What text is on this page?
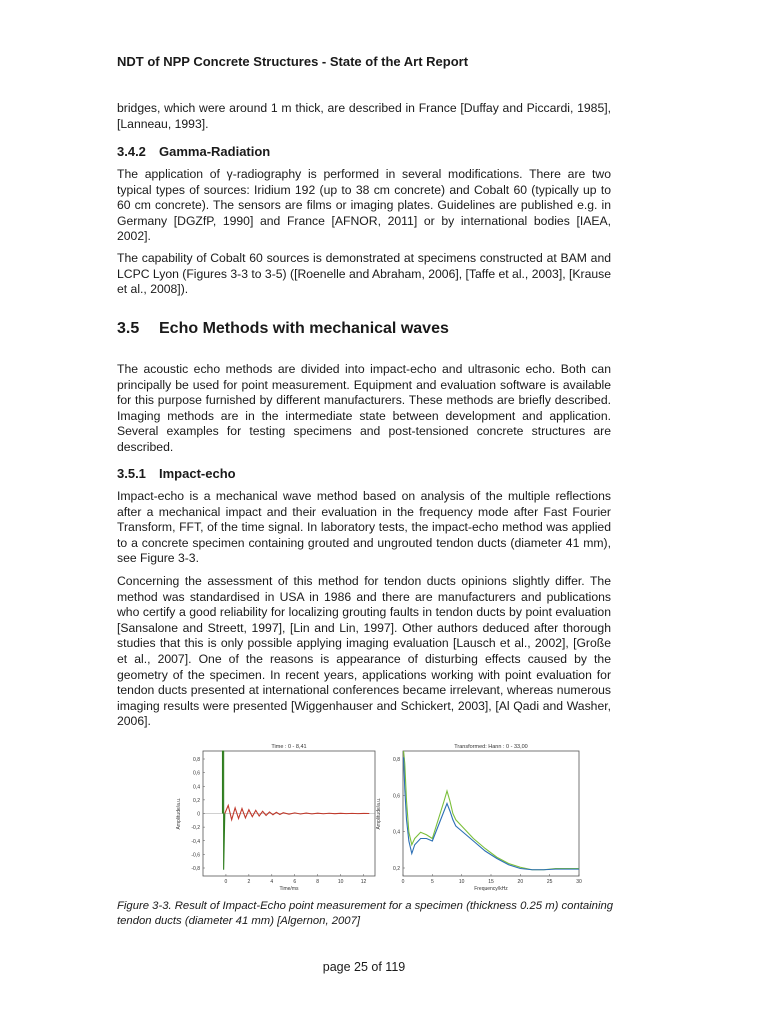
NDT of NPP Concrete Structures - State of the Art Report

bridges, which were around 1 m thick, are described in France [Duffay and Piccardi, 1985], [Lanneau, 1993].

3.4.2 Gamma-Radiation

The application of γ-radiography is performed in several modifications. There are two typical types of sources: Iridium 192 (up to 38 cm concrete) and Cobalt 60 (typically up to 60 cm concrete). The sensors are films or imaging plates. Guidelines are published e.g. in Germany [DGZfP, 1990] and France [AFNOR, 2011] or by international bodies [IAEA, 2002].

The capability of Cobalt 60 sources is demonstrated at specimens constructed at BAM and LCPC Lyon (Figures 3-3 to 3-5) ([Roenelle and Abraham, 2006], [Taffe et al., 2003], [Krause et al., 2008]).

3.5 Echo Methods with mechanical waves

The acoustic echo methods are divided into impact-echo and ultrasonic echo. Both can principally be used for point measurement. Equipment and evaluation software is available for this purpose furnished by different manufacturers. These methods are briefly described. Imaging methods are in the intermediate state between development and application. Several examples for testing specimens and post-tensioned concrete structures are described.

3.5.1 Impact-echo

Impact-echo is a mechanical wave method based on analysis of the multiple reflections after a mechanical impact and their evaluation in the frequency mode after Fast Fourier Transform, FFT, of the time signal. In laboratory tests, the impact-echo method was applied to a concrete specimen containing grouted and ungrouted tendon ducts (diameter 41 mm), see Figure 3-3.

Concerning the assessment of this method for tendon ducts opinions slightly differ. The method was standardised in USA in 1986 and there are manufacturers and publications who certify a good reliability for localizing grouting faults in tendon ducts by point evaluation [Sansalone and Streett, 1997], [Lin and Lin, 1997]. Other authors deduced after thorough studies that this is only possible applying imaging evaluation [Lausch et al., 2002], [Große et al., 2007]. One of the reasons is appearance of disturbing effects caused by the geometry of the specimen. In recent years, applications working with point evaluation for tendon ducts presented at international conferences became irrelevant, whereas numerous imaging results were presented [Wiggenhauser and Schickert, 2003], [Al Qadi and Washer, 2006].

Time : 0 - 8,41
0,8
0,6
0,4
0,2
0
-0,2
-0,4
-0,6
-0,8
0	2	4	6	8	10	12
Time/ms
Amplitude/a.u.
Transformed: Hann : 0 - 33,00
0,8
0,6
0,4
0,2
0	5	10	15	20	25	30
Frequency/kHz
Amplitude/a.u.
Figure 3-3. Result of Impact-Echo point measurement for a specimen (thickness 0.25 m) containing tendon ducts (diameter 41 mm) [Algernon, 2007]
page 25 of 119
